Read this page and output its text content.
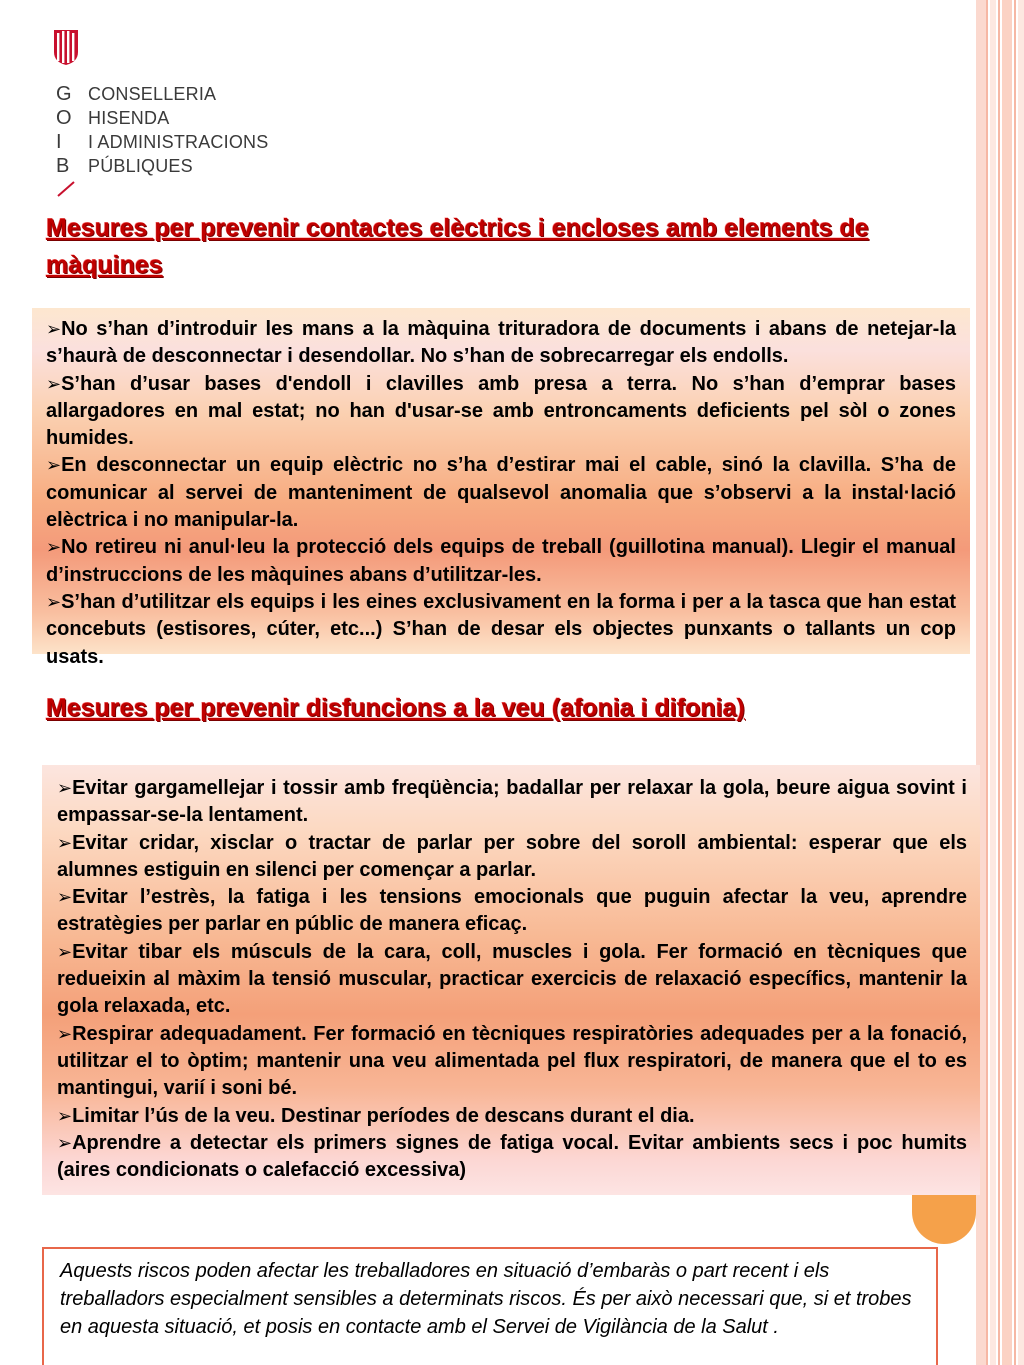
G
O
I
B
CONSELLERIA
HISENDA
I ADMINISTRACIONS
PÚBLIQUES
Mesures per prevenir contactes elèctrics i encloses amb elements de màquines
➢No s’han d’introduir les mans a la màquina trituradora de documents i abans de netejar-la s’haurà de desconnectar i desendollar. No s’han de sobrecarregar els endolls.
➢S’han d’usar bases d'endoll i clavilles amb presa a terra. No s’han d’emprar bases allargadores en mal estat; no han d'usar-se amb entroncaments deficients pel sòl o zones humides.
➢En desconnectar un equip elèctric no s’ha d’estirar mai el cable, sinó la clavilla. S’ha de comunicar al servei de manteniment de qualsevol anomalia que s’observi a la instal·lació elèctrica i no manipular-la.
➢No retireu ni anul·leu la protecció dels equips de treball (guillotina manual). Llegir el manual d’instruccions de les màquines abans d’utilitzar-les.
➢S’han d’utilitzar els equips i les eines exclusivament en la forma i per a la tasca que han estat concebuts (estisores, cúter, etc...) S’han de desar els objectes punxants o tallants un cop usats.
Mesures per prevenir disfuncions a la veu (afonia i difonia)
➢Evitar gargamellejar i tossir amb freqüència; badallar per relaxar la gola, beure aigua sovint i empassar-se-la lentament.
➢Evitar cridar, xisclar o tractar de parlar per sobre del soroll ambiental: esperar que els alumnes estiguin en silenci per començar a parlar.
➢Evitar l’estrès, la fatiga i les tensions emocionals que puguin afectar la veu, aprendre estratègies per parlar en públic de manera eficaç.
➢Evitar tibar els músculs de la cara, coll, muscles i gola. Fer formació en tècniques que redueixin al màxim la tensió muscular, practicar exercicis de relaxació específics, mantenir la gola relaxada, etc.
➢Respirar adequadament. Fer formació en tècniques respiratòries adequades per a la fonació, utilitzar el to òptim; mantenir una veu alimentada pel flux respiratori, de manera que el to es mantingui, varií i soni bé.
➢Limitar l’ús de la veu. Destinar períodes de descans durant el dia.
➢Aprendre a detectar els primers signes de fatiga vocal. Evitar ambients secs i poc humits (aires condicionats o calefacció excessiva)
Aquests riscos poden afectar les treballadores en situació d’embaràs o part recent i els treballadors especialment sensibles a determinats riscos. És per això necessari que, si et trobes en aquesta situació, et posis en contacte amb el Servei de Vigilància de la Salut .
